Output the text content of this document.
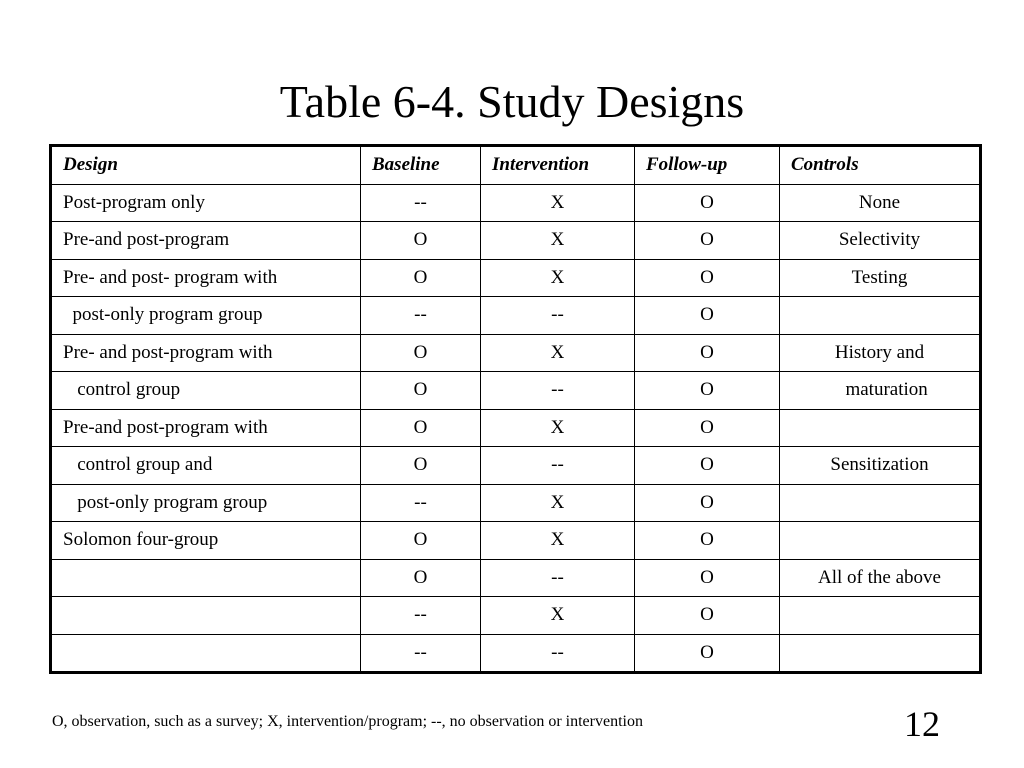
Table 6-4. Study Designs
Design	Baseline	Intervention	Follow-up	Controls
Post-program only	--	X	O	None
Pre-and post-program	O	X	O	Selectivity
Pre- and post- program with	O	X	O	Testing
post-only program group	--	--	O	
Pre- and post-program with	O	X	O	History and
control group	O	--	O	maturation
Pre-and post-program with	O	X	O	
control group and	O	--	O	Sensitization
post-only program group	--	X	O	
Solomon four-group	O	X	O	
	O	--	O	All of the above
	--	X	O	
	--	--	O	
O, observation, such as a survey; X, intervention/program; --, no observation or intervention	12
